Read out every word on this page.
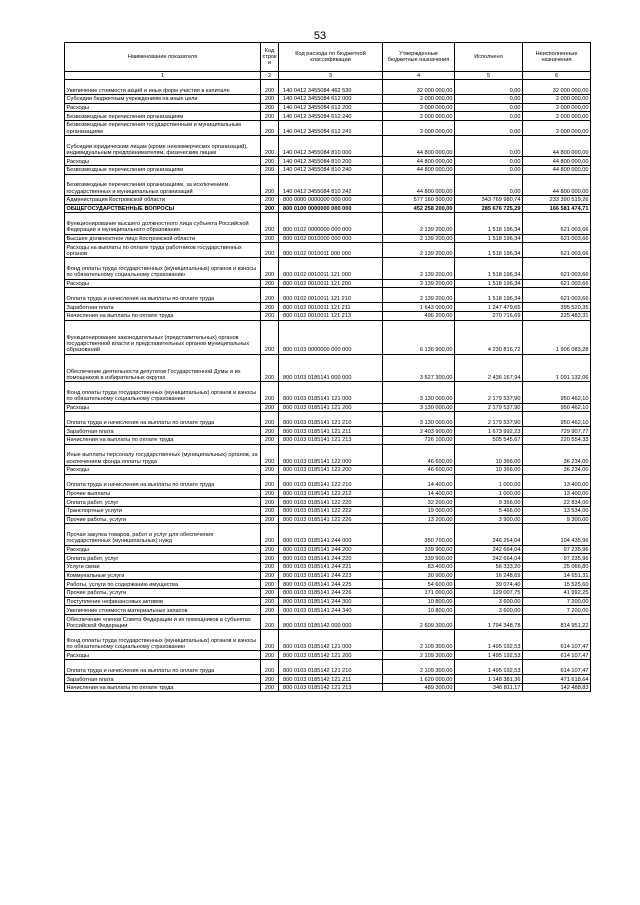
53
Наименование показателя	Код строк и	Код расхода по бюджетной классификации	Утвержденные бюджетные назначения	Исполнено	Неисполненные назначения
1	2	3	4	5	6
Увеличение стоимости акций и иных форм участия в капитале	200	140 0412 3455084 462 530	32 000 000,00	0,00	32 000 000,00
Субсидии бюджетным учреждениям на иные цели	200	140 0412 3455084 612 000	2 000 000,00	0,00	2 000 000,00
Расходы	200	140 0412 3455084 612 200	2 000 000,00	0,00	2 000 000,00
Безвозмездные перечисления организациям	200	140 0412 3455084 612 240	2 000 000,00	0,00	2 000 000,00
Безвозмездные перечисления государственным и муниципальным организациям	200	140 0412 3455084 612 241	2 000 000,00	0,00	2 000 000,00
Субсидии юридическим лицам (кроме некоммерческих организаций), индивидуальным предпринимателям, физическим лицам	200	140 0412 3455084 810 000	44 800 000,00	0,00	44 800 000,00
Расходы	200	140 0412 3455084 810 200	44 800 000,00	0,00	44 800 000,00
Безвозмездные перечисления организациям	200	140 0412 3455084 810 240	44 800 000,00	0,00	44 800 000,00
Безвозмездные перечисления организациям, за исключением государственных и муниципальных организаций	200	140 0412 3455084 810 242	44 800 000,00	0,00	44 800 000,00
Администрация Костромской области	200	800 0000 0000000 000 000	577 160 500,00	343 769 980,74	233 390 519,26
ОБЩЕГОСУДАРСТВЕННЫЕ ВОПРОСЫ	200	800 0100 0000000 000 000	452 258 200,00	285 676 725,29	166 581 474,71
Функционирование высшего должностного лица субъекта Российской Федерации и муниципального образования	200	800 0102 0000000 000 000	2 139 200,00	1 518 196,34	621 003,66
Высшее должностное лицо Костромской области	200	800 0102 0010000 000 000	2 139 200,00	1 518 196,34	621 003,66
Расходы на выплаты по оплате труда работников государственных органов	200	800 0102 0010011 000 000	2 139 200,00	1 518 196,34	621 003,66
Фонд оплаты труда государственных (муниципальных) органов и взносы по обязательному социальному страхованию	200	800 0102 0010011 121 000	2 139 200,00	1 518 196,34	621 003,66
Расходы	200	800 0102 0010011 121 200	2 139 200,00	1 518 196,34	621 003,66
Оплата труда и начисления на выплаты по оплате труда	200	800 0102 0010011 121 210	2 139 200,00	1 518 196,34	621 003,66
Заработная плата	200	800 0102 0010011 121 211	1 643 000,00	1 247 479,65	395 520,35
Начисления на выплаты по оплате труда	200	800 0102 0010011 121 213	496 200,00	270 716,69	225 483,31
Функционирование законодательных (представительных) органов государственной власти и представительных органов муниципальных образований	200	800 0103 0000000 000 000	6 136 900,00	4 230 816,72	1 906 083,28
Обеспечение деятельности депутатов Государственной Думы и их помощников в избирательных округах	200	800 0103 0185141 000 000	3 527 300,00	2 436 167,94	1 091 132,06
Фонд оплаты труда государственных (муниципальных) органов и взносы по обязательному социальному страхованию	200	800 0103 0185141 121 000	3 130 000,00	2 179 537,90	950 462,10
Расходы	200	800 0103 0185141 121 200	3 130 000,00	2 179 537,90	950 462,10
Оплата труда и начисления на выплаты по оплате труда	200	800 0103 0185141 121 210	3 130 000,00	2 179 537,90	950 462,10
Заработная плата	200	800 0103 0185141 121 211	2 403 900,00	1 673 992,23	729 907,77
Начисления на выплаты по оплате труда	200	800 0103 0185141 121 213	726 100,00	505 545,67	220 554,33
Иные выплаты персоналу государственных (муниципальных) органов, за исключением фонда оплаты труда	200	800 0103 0185141 122 000	46 600,00	10 366,00	36 234,00
Расходы	200	800 0103 0185141 122 200	46 600,00	10 366,00	36 234,00
Оплата труда и начисления на выплаты по оплате труда	200	800 0103 0185141 122 210	14 400,00	1 000,00	13 400,00
Прочие выплаты	200	800 0103 0185141 122 212	14 400,00	1 000,00	13 400,00
Оплата работ, услуг	200	800 0103 0185141 122 220	32 200,00	9 366,00	22 834,00
Транспортные услуги	200	800 0103 0185141 122 222	19 000,00	5 466,00	13 534,00
Прочие работы, услуги	200	800 0103 0185141 122 226	13 200,00	3 900,00	9 300,00
Прочая закупка товаров, работ и услуг для обеспечения государственных (муниципальных) нужд	200	800 0103 0185141 244 000	350 700,00	246 264,04	104 435,96
Расходы	200	800 0103 0185141 244 200	339 900,00	242 664,04	97 235,96
Оплата работ, услуг	200	800 0103 0185141 244 220	339 900,00	242 664,04	97 235,96
Услуги связи	200	800 0103 0185141 244 221	83 400,00	56 333,20	25 066,80
Коммунальные услуги	200	800 0103 0185141 244 223	30 900,00	16 248,69	14 651,31
Работы, услуги по содержанию имущества	200	800 0103 0185141 244 225	54 600,00	39 074,40	15 525,60
Прочие работы, услуги	200	800 0103 0185141 244 226	171 000,00	129 007,75	41 992,25
Поступление нефинансовых активов	200	800 0103 0185141 244 300	10 800,00	3 600,00	7 200,00
Увеличение стоимости материальных запасов	200	800 0103 0185141 244 340	10 800,00	3 600,00	7 200,00
Обеспечение членов Совета Федерации и их помощников в субъектах Российской Федерации	200	800 0103 0185142 000 000	2 609 300,00	1 794 348,78	814 951,22
Фонд оплаты труда государственных (муниципальных) органов и взносы по обязательному социальному страхованию	200	800 0103 0185142 121 000	2 109 300,00	1 495 192,53	614 107,47
Расходы	200	800 0103 0185142 121 200	2 109 300,00	1 495 192,53	614 107,47
Оплата труда и начисления на выплаты по оплате труда	200	800 0103 0185142 121 210	2 109 300,00	1 495 192,53	614 107,47
Заработная плата	200	800 0103 0185142 121 211	1 620 000,00	1 148 381,36	471 618,64
Начисления на выплаты по оплате труда	200	800 0103 0185142 121 213	489 300,00	346 811,17	142 488,83
